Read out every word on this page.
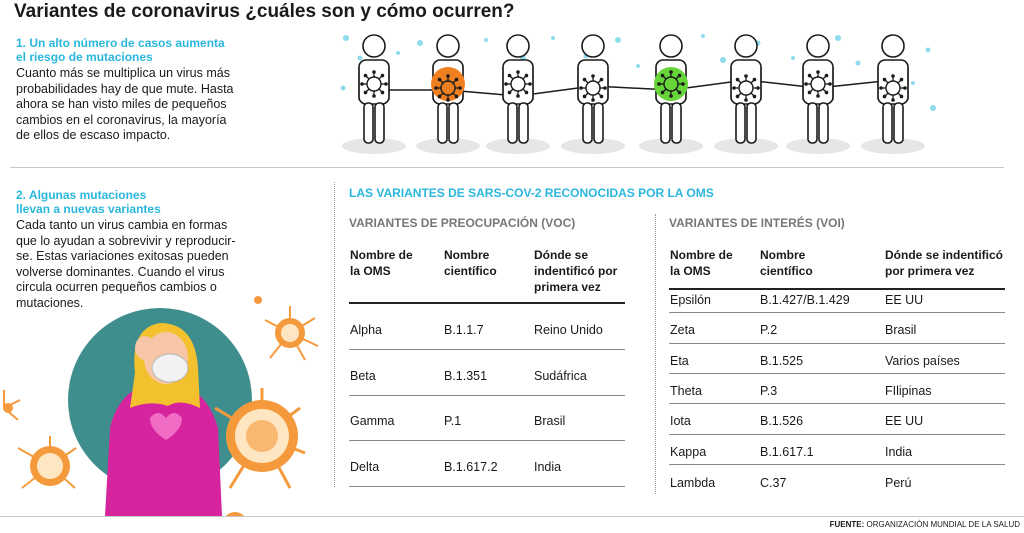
Variantes de coronavirus ¿cuáles son y cómo ocurren?
1. Un alto número de casos aumenta
el riesgo de mutaciones
Cuanto más se multiplica un virus más
probabilidades hay de que mute. Hasta
ahora se han visto miles de pequeños
cambios en el coronavirus, la mayoría
de ellos de escaso impacto.
2. Algunas mutaciones
llevan a nuevas variantes
Cada tanto un virus cambia en formas
que lo ayudan a sobrevivir y reproducir-
se. Estas variaciones exitosas pueden
volverse dominantes. Cuando el virus
circula ocurren pequeños cambios o
mutaciones.
LAS VARIANTES DE SARS-COV-2 RECONOCIDAS POR LA OMS
VARIANTES DE PREOCUPACIÓN (VOC)
Nombre de
la OMS
Nombre
científico
Dónde se
indentificó por
primera vez
Alpha	B.1.1.7	Reino Unido
Beta	B.1.351	Sudáfrica
Gamma	P.1	Brasil
Delta	B.1.617.2	India
VARIANTES DE INTERÉS (VOI)
Nombre de
la OMS
Nombre
científico
Dónde se indentificó
por primera vez
Epsilón	B.1.427/B.1.429	EE UU
Zeta	P.2	Brasil
Eta	B.1.525	Varios países
Theta	P.3	FIlipinas
Iota	B.1.526	EE UU
Kappa	B.1.617.1	India
Lambda	C.37	Perú
FUENTE: ORGANIZACIÓN MUNDIAL DE LA SALUD
